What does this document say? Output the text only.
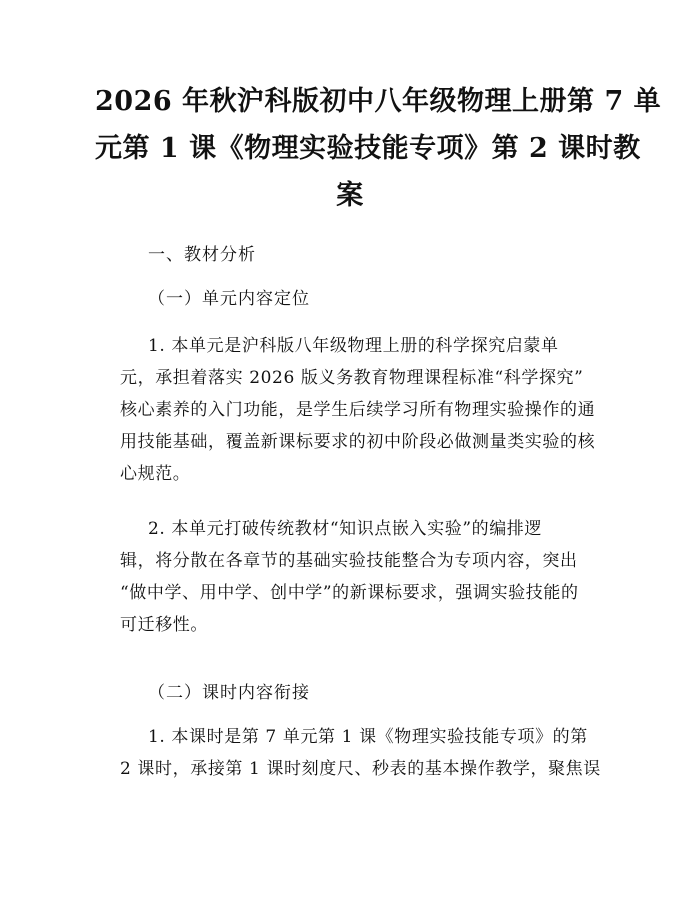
2026 年秋沪科版初中八年级物理上册第 7 单
元第 1 课《物理实验技能专项》第 2 课时教
案
一、教材分析
（一）单元内容定位
1. 本单元是沪科版八年级物理上册的科学探究启蒙单
元，承担着落实 2026 版义务教育物理课程标准“科学探究”
核心素养的入门功能，是学生后续学习所有物理实验操作的通
用技能基础，覆盖新课标要求的初中阶段必做测量类实验的核
心规范。
2. 本单元打破传统教材“知识点嵌入实验”的编排逻
辑，将分散在各章节的基础实验技能整合为专项内容，突出
“做中学、用中学、创中学”的新课标要求，强调实验技能的
可迁移性。
（二）课时内容衔接
1. 本课时是第 7 单元第 1 课《物理实验技能专项》的第
2 课时，承接第 1 课时刻度尺、秒表的基本操作教学，聚焦误
